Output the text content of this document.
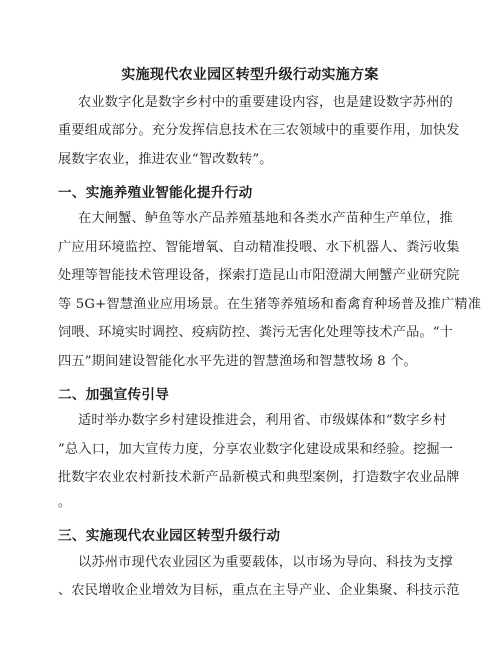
实施现代农业园区转型升级行动实施方案
农业数字化是数字乡村中的重要建设内容，也是建设数字苏州的
重要组成部分。充分发挥信息技术在三农领域中的重要作用，加快发
展数字农业，推进农业“智改数转”。
一、实施养殖业智能化提升行动
在大闸蟹、鲈鱼等水产品养殖基地和各类水产苗种生产单位，推
广应用环境监控、智能增氧、自动精准投喂、水下机器人、粪污收集
处理等智能技术管理设备，探索打造昆山市阳澄湖大闸蟹产业研究院
等 5G+智慧渔业应用场景。在生猪等养殖场和畜禽育种场普及推广精准
饲喂、环境实时调控、疫病防控、粪污无害化处理等技术产品。“十
四五”期间建设智能化水平先进的智慧渔场和智慧牧场 8 个。
二、加强宣传引导
适时举办数字乡村建设推进会，利用省、市级媒体和“数字乡村
”总入口，加大宣传力度，分享农业数字化建设成果和经验。挖掘一
批数字农业农村新技术新产品新模式和典型案例，打造数字农业品牌
。
三、实施现代农业园区转型升级行动
以苏州市现代农业园区为重要载体，以市场为导向、科技为支撑
、农民增收企业增效为目标，重点在主导产业、企业集聚、科技示范
